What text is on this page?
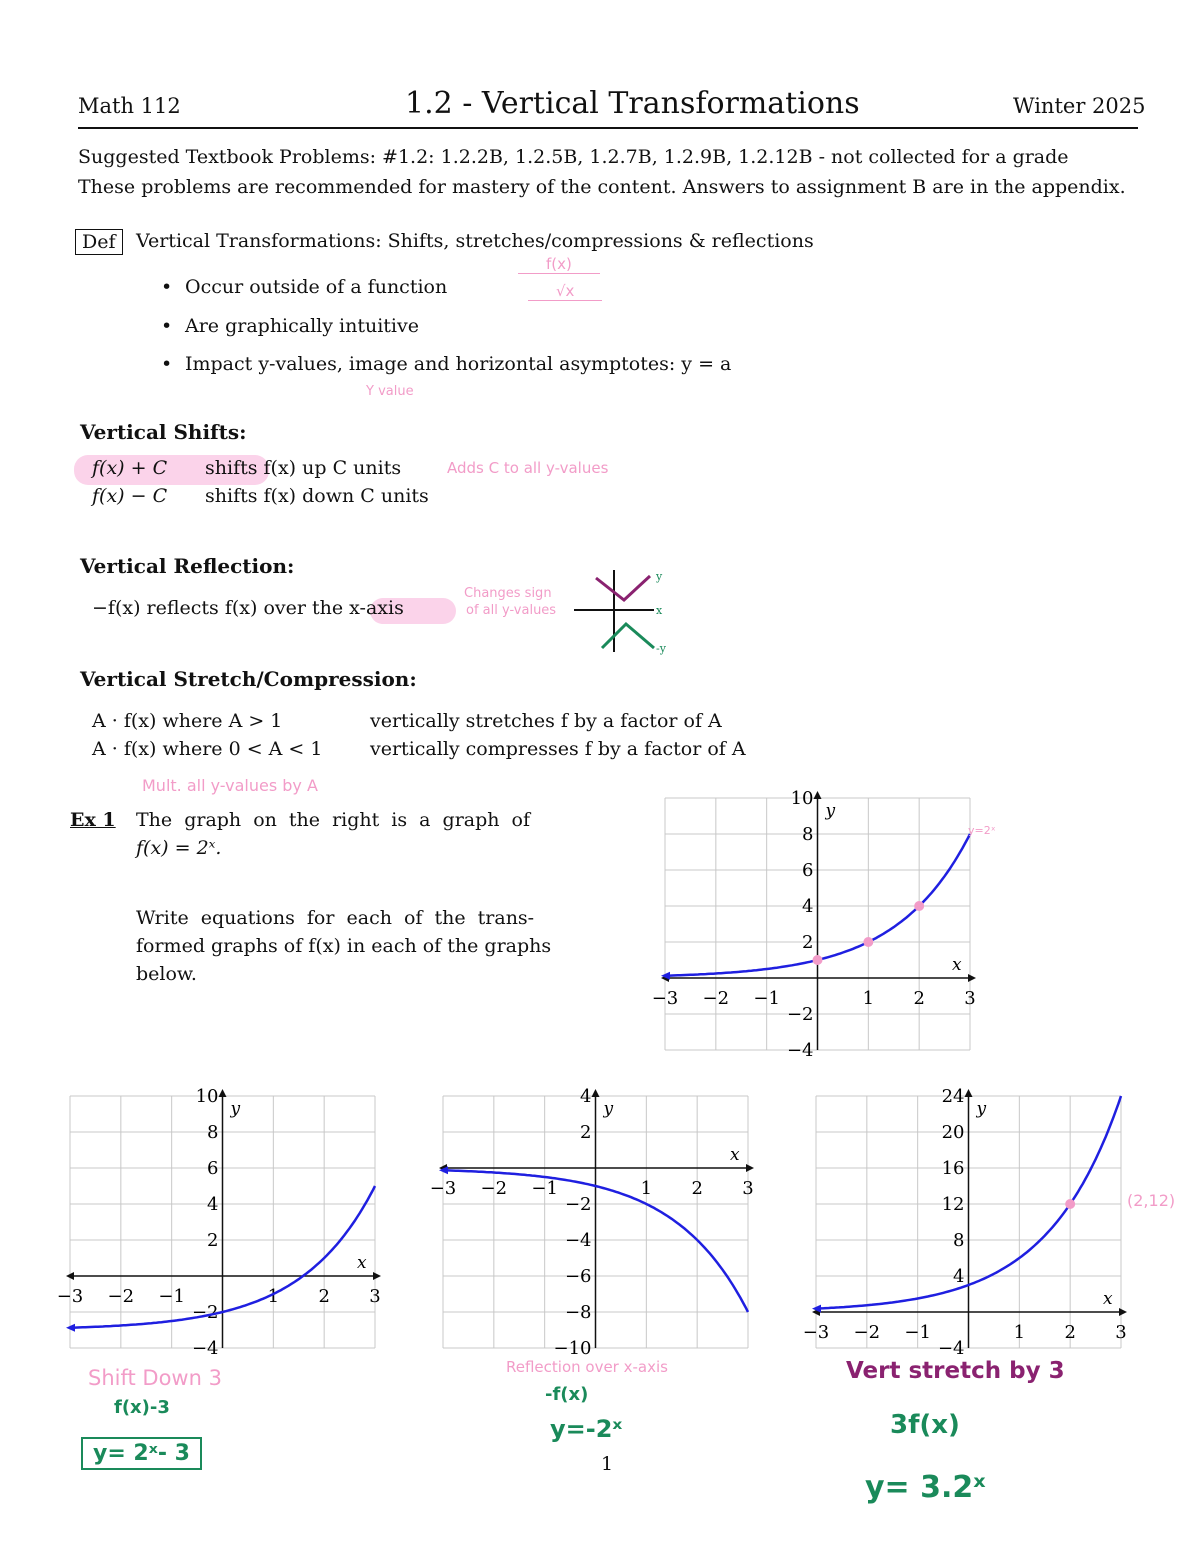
Math 112	1.2 - Vertical Transformations	Winter 2025
Suggested Textbook Problems: #1.2: 1.2.2B, 1.2.5B, 1.2.7B, 1.2.9B, 1.2.12B - not collected for a grade
These problems are recommended for mastery of the content. Answers to assignment B are in the appendix.
Def	Vertical Transformations: Shifts, stretches/compressions & reflections
• Occur outside of a function
• Are graphically intuitive
• Impact y-values, image and horizontal asymptotes: y = a
f(x)
√x
Y value
Vertical Shifts:
f(x) + C shifts f(x) up C units
f(x) − C shifts f(x) down C units
Adds C to all y-values
Vertical Reflection:
−f(x) reflects f(x) over the x-axis
Changes sign
of all y-values
y
x
-y
Vertical Stretch/Compression:
A · f(x) where A > 1	vertically stretches f by a factor of A
A · f(x) where 0 < A < 1	vertically compresses f by a factor of A
Mult. all y-values by A
Ex 1 The graph on the right is a graph of
f(x) = 2ˣ.
Write equations for each of the trans-
formed graphs of f(x) in each of the graphs
below.	x
y
−3 −2 −1	1 2 3
10
8
6
4
2
−2
−4
x
y
−3 −2 −1	1 2 3
10
8
6
4
2
−2
−4
x
y
−3 −2 −1	1 2 3
4
2
−2
−4
−6
−8
−10
x
y
−3 −2 −1	1 2 3
24
20
16
12
8
4
−4
y=2ˣ
(2,12)
Shift Down 3
f(x)-3
y= 2ˣ- 3
Reflection over x-axis
-f(x)
y=-2ˣ
Vert stretch by 3
3f(x)
y= 3.2ˣ
1
